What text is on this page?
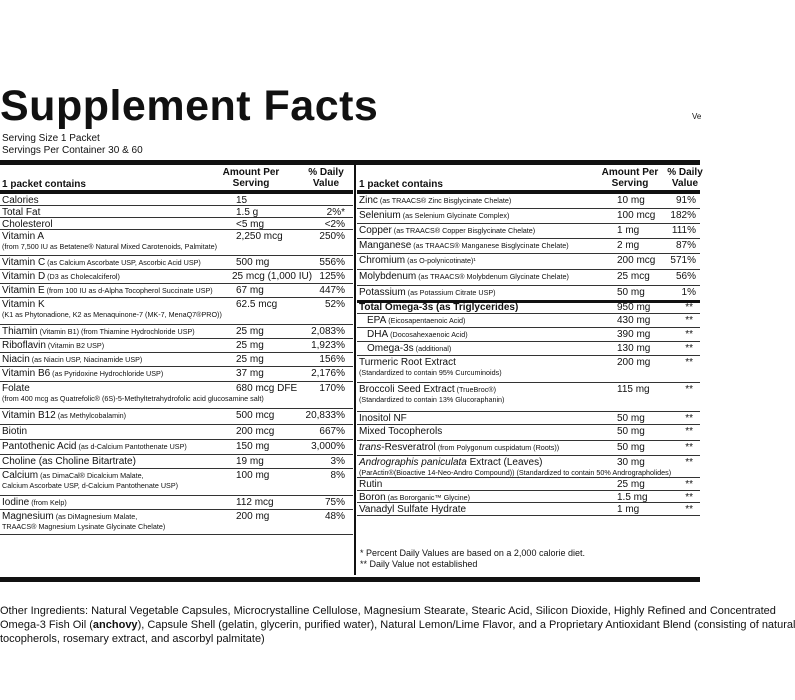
Supplement Facts	Ve
Serving Size 1 Packet
Servings Per Container 30 & 60
1 packet contains
Amount Per
Serving
% Daily
Value
Calories	15
Total Fat	1.5 g	2%*
Cholesterol	<5 mg	<2%
Vitamin A
(from 7,500 IU as Betatene® Natural Mixed Carotenoids, Palmitate)
2,250 mcg	250%
Vitamin C (as Calcium Ascorbate USP, Ascorbic Acid USP)	500 mg	556%
Vitamin D (D3 as Cholecalciferol)	25 mcg (1,000 IU) 125%
Vitamin E (from 100 IU as d-Alpha Tocopherol Succinate USP) 67 mg	447%
Vitamin K
(K1 as Phytonadione, K2 as Menaquinone-7 (MK-7, MenaQ7®PRO))
62.5 mcg	52%
Thiamin (Vitamin B1) (from Thiamine Hydrochloride USP)	25 mg	2,083%
Riboflavin (Vitamin B2 USP)	25 mg	1,923%
Niacin (as Niacin USP, Niacinamide USP)	25 mg	156%
Vitamin B6 (as Pyridoxine Hydrochloride USP)	37 mg	2,176%
Folate
(from 400 mcg as Quatrefolic® (6S)-5-Methyltetrahydrofolic acid glucosamine salt)
680 mcg DFE 170%
Vitamin B12 (as Methylcobalamin)	500 mcg	20,833%
Biotin	200 mcg	667%
Pantothenic Acid (as d-Calcium Pantothenate USP)	150 mg	3,000%
Choline (as Choline Bitartrate)	19 mg	3%
Calcium (as DimaCal® Dicalcium Malate,
Calcium Ascorbate USP, d-Calcium Pantothenate USP)
100 mg	8%
Iodine (from Kelp)	112 mcg	75%
Magnesium (as DiMagnesium Malate,
TRAACS® Magnesium Lysinate Glycinate Chelate)
200 mg	48%
1 packet contains
Amount Per
Serving
% Daily
Value
Zinc (as TRAACS® Zinc Bisglycinate Chelate)	10 mg	91%
Selenium (as Selenium Glycinate Complex)	100 mcg 182%
Copper (as TRAACS® Copper Bisglycinate Chelate)	1 mg	111%
Manganese (as TRAACS® Manganese Bisglycinate Chelate)	2 mg	87%
Chromium (as O-polynicotinate)¹	200 mcg 571%
Molybdenum (as TRAACS® Molybdenum Glycinate Chelate)	25 mcg	56%
Potassium (as Potassium Citrate USP)	50 mg	1%
Total Omega-3s (as Triglycerides)	950 mg	**
EPA (Eicosapentaenoic Acid)	430 mg	**
DHA (Docosahexaenoic Acid)	390 mg	**
Omega-3s (additional)	130 mg	**
Turmeric Root Extract
(Standardized to contain 95% Curcuminoids)
200 mg	**
Broccoli Seed Extract (TrueBroc®)
(Standardized to contain 13% Glucoraphanin)
115 mg	**
Inositol NF	50 mg	**
Mixed Tocopherols	50 mg	**
trans-Resveratrol (from Polygonum cuspidatum (Roots))	50 mg	**
Andrographis paniculata Extract (Leaves)
(ParActin®(Bioactive 14-Neo-Andro Compound)) (Standardized to contain 50% Andrographolides)
30 mg	**
Rutin	25 mg	**
Boron (as Bororganic™ Glycine)	1.5 mg	**
Vanadyl Sulfate Hydrate	1 mg	**
* Percent Daily Values are based on a 2,000 calorie diet.
** Daily Value not established
Other Ingredients: Natural Vegetable Capsules, Microcrystalline Cellulose, Magnesium Stearate, Stearic Acid, Silicon Dioxide, Highly Refined and Concentrated
Omega-3 Fish Oil (anchovy), Capsule Shell (gelatin, glycerin, purified water), Natural Lemon/Lime Flavor, and a Proprietary Antioxidant Blend (consisting of natural
tocopherols, rosemary extract, and ascorbyl palmitate)
